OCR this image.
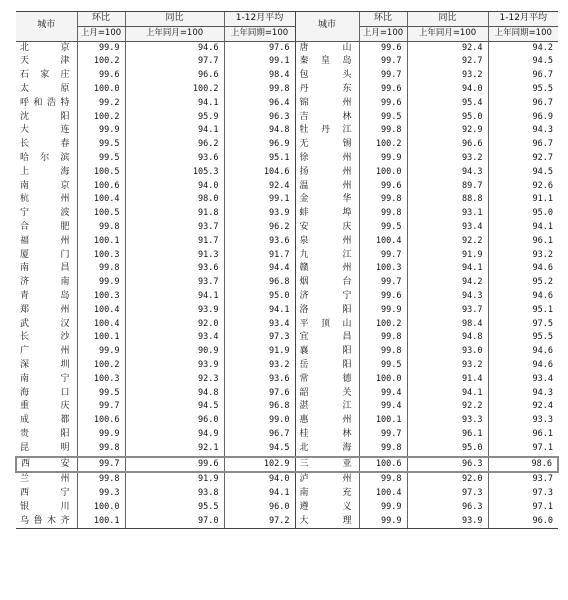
城市	环比	同比	1-12月平均	城市	环比	同比	1-12月平均
	上月=100	上年同月=100	上年同期=100		上月=100	上年同月=100	上年同期=100
北京	99.9	94.6	97.6	唐山	99.6	92.4	94.2
天津	100.2	97.7	99.1	秦皇岛	99.7	92.7	94.5
石家庄	99.6	96.6	98.4	包头	99.7	93.2	96.7
太原	100.0	100.2	99.8	丹东	99.6	94.0	95.5
呼和浩特	99.2	94.1	96.4	锦州	99.6	95.4	96.7
沈阳	100.2	95.9	96.3	吉林	99.5	95.0	96.9
大连	99.9	94.1	94.8	牡丹江	99.8	92.9	94.3
长春	99.5	96.2	96.9	无锡	100.2	96.6	96.7
哈尔滨	99.5	93.6	95.1	徐州	99.9	93.2	92.7
上海	100.5	105.3	104.6	扬州	100.0	94.3	94.5
南京	100.6	94.0	92.4	温州	99.6	89.7	92.6
杭州	100.4	98.0	99.1	金华	99.8	88.8	91.1
宁波	100.5	91.8	93.9	蚌埠	99.8	93.1	95.0
合肥	99.8	93.7	96.2	安庆	99.5	93.4	94.1
福州	100.1	91.7	93.6	泉州	100.4	92.2	96.1
厦门	100.3	91.3	91.7	九江	99.7	91.9	93.2
南昌	99.8	93.6	94.4	赣州	100.3	94.1	94.6
济南	99.9	93.7	96.8	烟台	99.7	94.2	95.2
青岛	100.3	94.1	95.0	济宁	99.6	94.3	94.6
郑州	100.4	93.9	94.1	洛阳	99.9	93.7	95.1
武汉	100.4	92.0	93.4	平顶山	100.2	98.4	97.5
长沙	100.1	93.4	97.3	宜昌	99.8	94.8	95.5
广州	99.9	90.9	91.9	襄阳	99.8	93.0	94.6
深圳	100.2	93.9	93.2	岳阳	99.5	93.2	94.6
南宁	100.3	92.3	93.6	常德	100.0	91.4	93.4
海口	99.5	94.8	97.6	韶关	99.4	94.1	94.3
重庆	99.7	94.5	96.8	湛江	99.4	92.2	92.4
成都	100.6	96.0	99.0	惠州	100.1	93.3	93.3
贵阳	99.9	94.9	96.7	桂林	99.7	96.1	96.1
昆明	99.8	92.1	94.5	北海	99.8	95.0	97.1
西安	99.7	99.6	102.9	三亚	100.6	96.3	98.6
兰州	99.8	91.9	94.0	泸州	99.8	92.0	93.7
西宁	99.3	93.8	94.1	南充	100.4	97.3	97.3
银川	100.0	95.5	96.0	遵义	99.9	96.3	97.1
乌鲁木齐	100.1	97.0	97.2	大理	99.9	93.9	96.0
